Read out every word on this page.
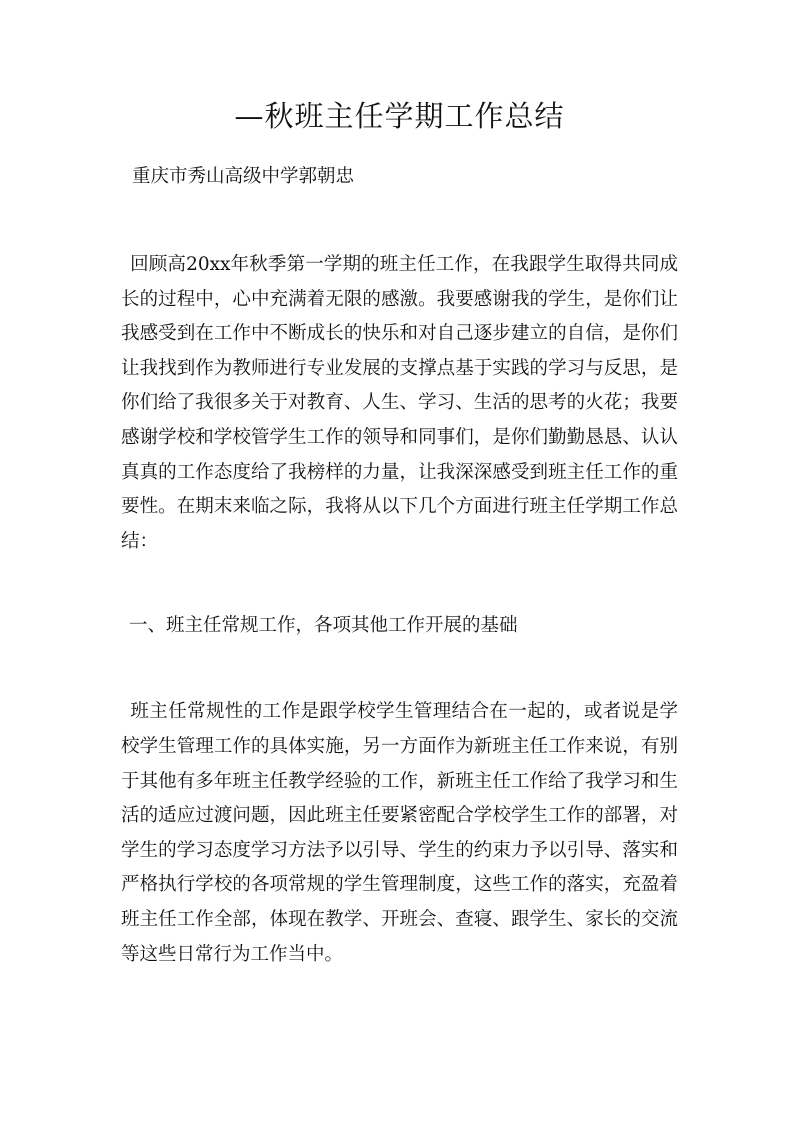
—秋班主任学期工作总结
重庆市秀山高级中学郭朝忠

回顾高20xx年秋季第一学期的班主任工作，在我跟学生取得共同成长的过程中，心中充满着无限的感激。我要感谢我的学生，是你们让我感受到在工作中不断成长的快乐和对自己逐步建立的自信，是你们让我找到作为教师进行专业发展的支撑点基于实践的学习与反思，是你们给了我很多关于对教育、人生、学习、生活的思考的火花；我要感谢学校和学校管学生工作的领导和同事们，是你们勤勤恳恳、认认真真的工作态度给了我榜样的力量，让我深深感受到班主任工作的重要性。在期末来临之际，我将从以下几个方面进行班主任学期工作总结：

一、班主任常规工作，各项其他工作开展的基础

班主任常规性的工作是跟学校学生管理结合在一起的，或者说是学校学生管理工作的具体实施，另一方面作为新班主任工作来说，有别于其他有多年班主任教学经验的工作，新班主任工作给了我学习和生活的适应过渡问题，因此班主任要紧密配合学校学生工作的部署，对学生的学习态度学习方法予以引导、学生的约束力予以引导、落实和严格执行学校的各项常规的学生管理制度，这些工作的落实，充盈着班主任工作全部，体现在教学、开班会、查寝、跟学生、家长的交流等这些日常行为工作当中。
